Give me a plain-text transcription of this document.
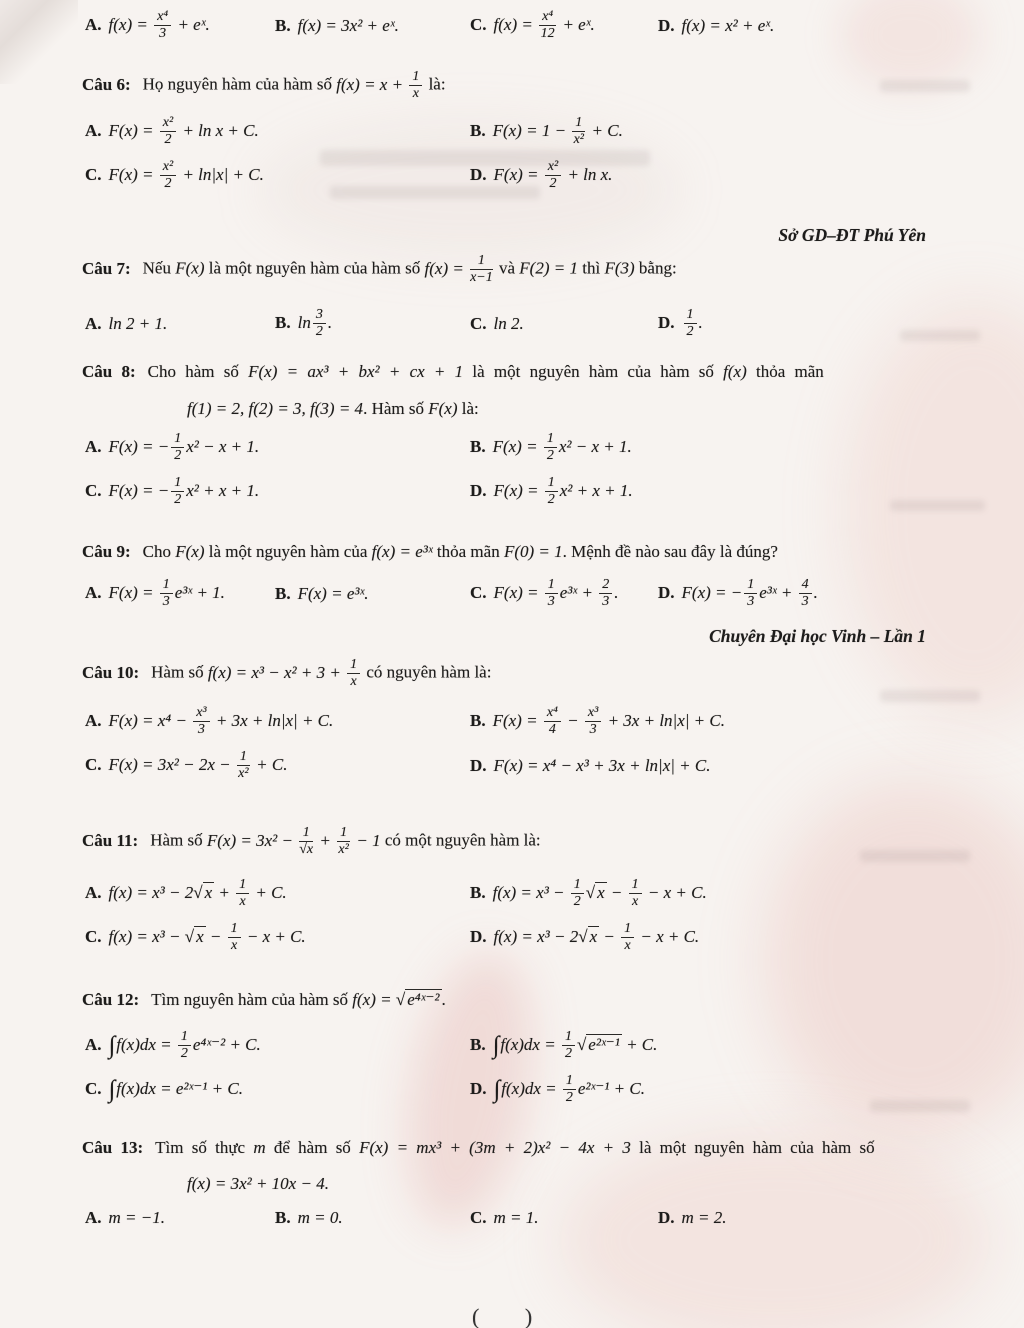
A. $f(x) = \frac{\text{x⁴}}{3}$ + eˣ.	B. f(x) = 3x² + eˣ.	C. $f(x) = \frac{\text{x⁴}}{12}$ + eˣ.	D. f(x) = x² + eˣ.
Câu 6: Họ nguyên hàm của hàm số $f(x) = x + \frac{1}{x}$ là:
A. $F(x) = \frac{\text{x²}}{2} + \ln x + C$.	B. $F(x) = 1 - \frac{1}{\text{x²}} + C$.
C. $F(x) = \frac{\text{x²}}{2} + \ln|x| + C$.	D. $F(x) = \frac{\text{x²}}{2} + \ln x$.
Sở GD–ĐT Phú Yên
Câu 7: Nếu F(x) là một nguyên hàm của hàm số $f(x) = \frac{1}{x-1}$ và F(2) = 1 thì F(3) bằng:
A. ln 2 + 1.	B. $\ln \frac{3}{2}$ .	C. ln 2.	D. $\frac{1}{2}$ .
Câu 8: Cho hàm số F(x) = ax³ + bx² + cx + 1 là một nguyên hàm của hàm số f(x) thỏa mãn
f(1) = 2, f(2) = 3, f(3) = 4. Hàm số F(x) là:
A. F(x) = − $\frac{1}{2} x^2 - x + 1$.	B. $F(x) = \frac{1}{2} x^2 - x + 1$.
C. F(x) = − $\frac{1}{2} x^2 + x + 1$.	D. $F(x) = \frac{1}{2} x^2 + x + 1$.
Câu 9: Cho F(x) là một nguyên hàm của f(x) = e³ˣ thỏa mãn F(0) = 1. Mệnh đề nào sau đây là đúng?
A. $F(x) = \frac{1}{3}$ e³ˣ + 1.	B. F(x) = e³ˣ.	C. $F(x) = \frac{1}{3}$ e³ˣ + $\frac{2}{3}$ .	D. F(x) = − $\frac{1}{3}$ e³ˣ + $\frac{4}{3}$ .
Chuyên Đại học Vinh – Lần 1
Câu 10: Hàm số $f(x) = x^3 - x^2 + 3 + \frac{1}{x}$ có nguyên hàm là:
A. $F(x) = x^4 - \frac{\text{x³}}{3} + 3x + \ln|x| + C$.	B. $F(x) = \frac{\text{x⁴}}{4} - \frac{\text{x³}}{3} + 3x + \ln|x| + C$.
C. $F(x) = 3x^2 - 2x - \frac{1}{\text{x²}} + C$.	D. F(x) = x⁴ − x³ + 3x + ln|x| + C.
Câu 11: Hàm số $F(x) = 3x^2 - \frac{1}{√x} + \frac{1}{\text{x²}} - 1$ có một nguyên hàm là:
A. f(x) = x³ − 2√ $x + \frac{1}{x} + C$.	B. $f(x) = x^3 - \frac{1}{2}$ √ $x - \frac{1}{x} - x + C$.
C. f(x) = x³ − √ $x - \frac{1}{x} - x + C$.	D. f(x) = x³ − 2√ $x - \frac{1}{x} - x + C$.
Câu 12: Tìm nguyên hàm của hàm số f(x) = √ e⁴ˣ⁻² .
A. $\int f(x)dx = \frac{1}{2}$ e⁴ˣ⁻² + C.	B. $\int f(x)dx = \frac{1}{2}$ √ e²ˣ⁻¹ + C.
C. ∫f(x)dx = e²ˣ⁻¹ + C.	D. $\int f(x)dx = \frac{1}{2}$ e²ˣ⁻¹ + C.
Câu 13: Tìm số thực m để hàm số F(x) = mx³ + (3m + 2)x² − 4x + 3 là một nguyên hàm của hàm số
f(x) = 3x² + 10x − 4.
A. m = −1.	B. m = 0.	C. m = 1.	D. m = 2.
( )
